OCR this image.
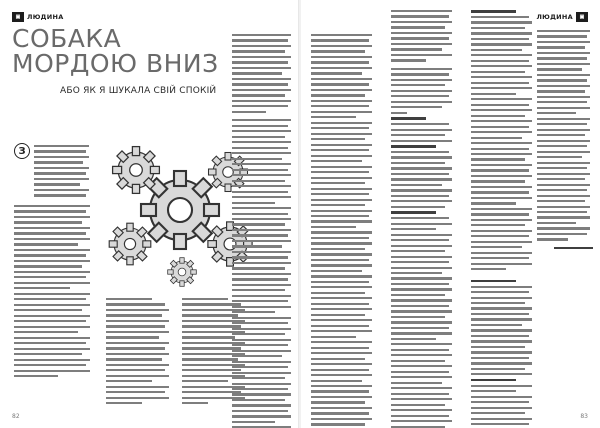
▣	ЛЮДИНА
СОБАКА
МОРДОЮ ВНИЗ

АБО ЯК Я ШУКАЛА СВІЙ СПОКІЙ

З
82
ЛЮДИНА	▣
83
